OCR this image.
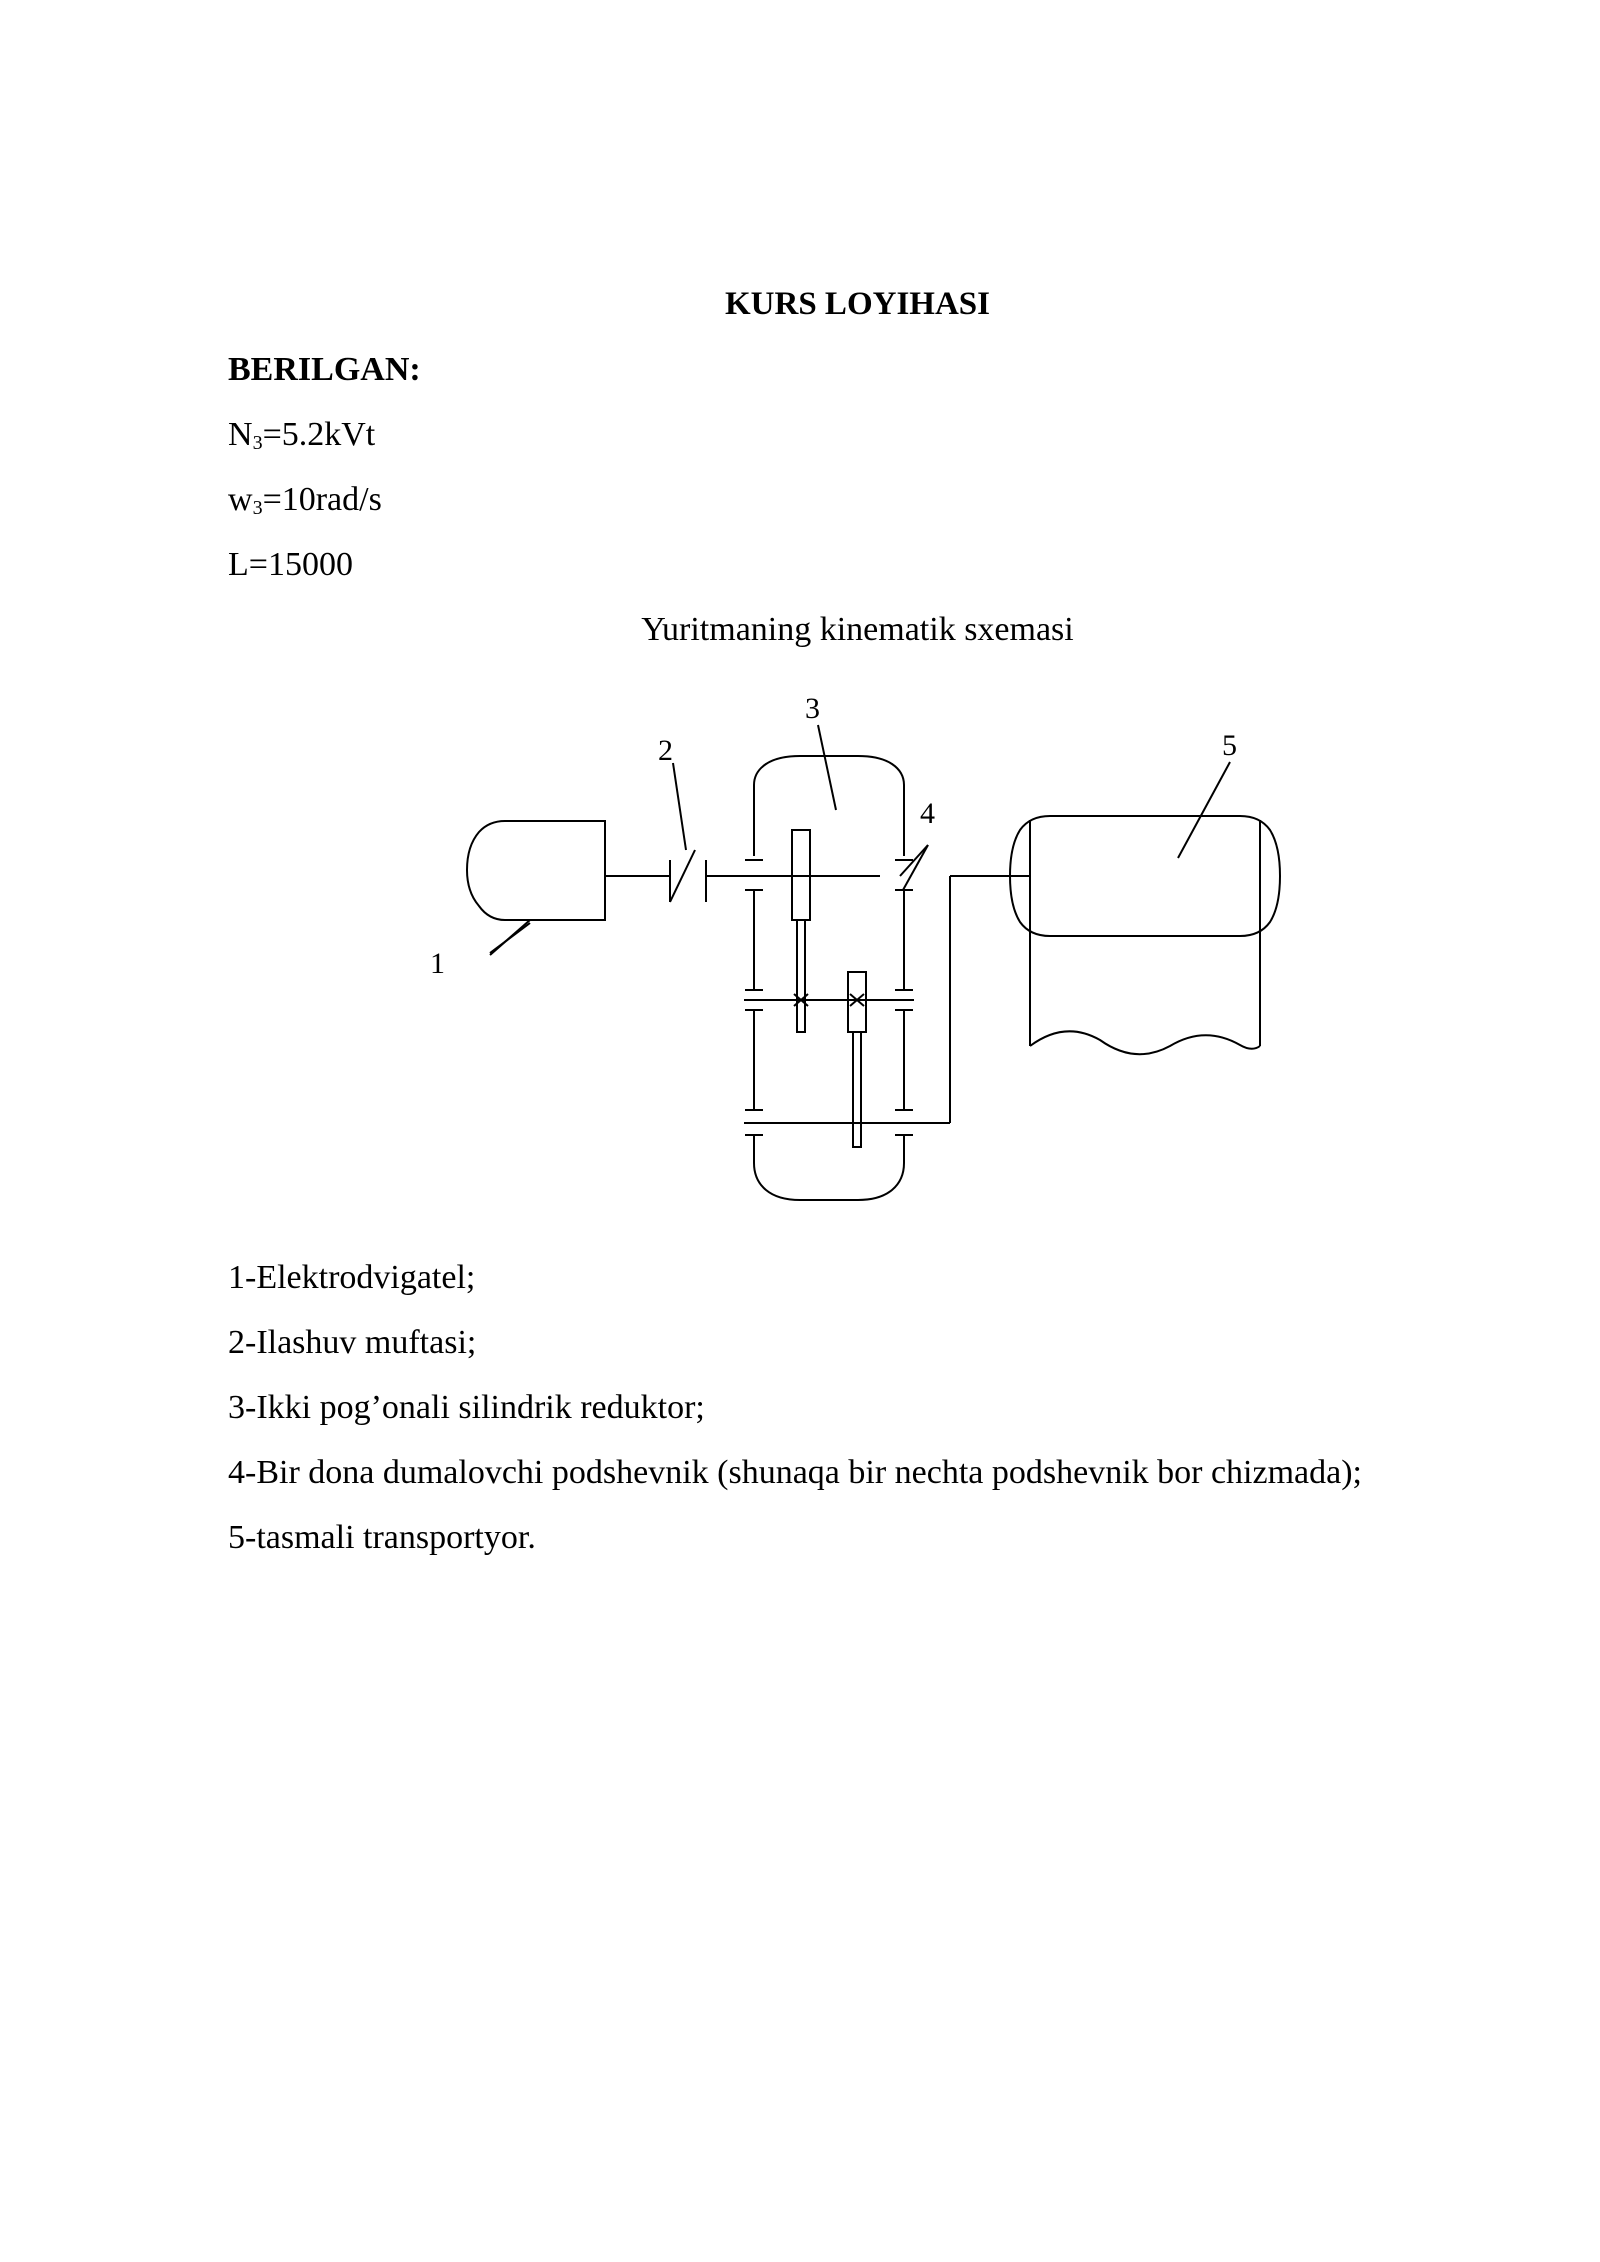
KURS LOYIHASI
BERILGAN:
$N_3=5.2kVt$
$w_3=10rad/s$
L=15000
Yuritmaning kinematik sxemasi
1
2
3
4
5
1-Elektrodvigatel;
2-Ilashuv muftasi;
3-Ikki pog’onali silindrik reduktor;
4-Bir dona dumalovchi podshevnik (shunaqa bir nechta podshevnik bor chizmada);
5-tasmali transportyor.
